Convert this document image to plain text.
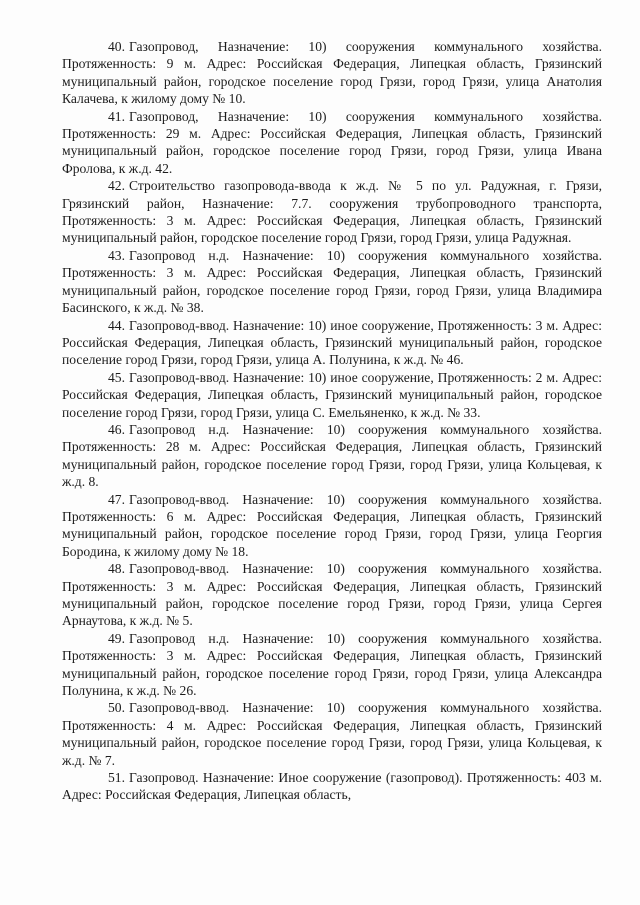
40. Газопровод, Назначение: 10) сооружения коммунального хозяйства. Протяженность: 9 м. Адрес: Российская Федерация, Липецкая область, Грязинский муниципальный район, городское поселение город Грязи, город Грязи, улица Анатолия Калачева, к жилому дому № 10.

41. Газопровод, Назначение: 10) сооружения коммунального хозяйства. Протяженность: 29 м. Адрес: Российская Федерация, Липецкая область, Грязинский муниципальный район, городское поселение город Грязи, город Грязи, улица Ивана Фролова, к ж.д. 42.

42. Строительство газопровода-ввода к ж.д. № 5 по ул. Радужная, г. Грязи, Грязинский район, Назначение: 7.7. сооружения трубопроводного транспорта, Протяженность: 3 м. Адрес: Российская Федерация, Липецкая область, Грязинский муниципальный район, городское поселение город Грязи, город Грязи, улица Радужная.

43. Газопровод н.д. Назначение: 10) сооружения коммунального хозяйства. Протяженность: 3 м. Адрес: Российская Федерация, Липецкая область, Грязинский муниципальный район, городское поселение город Грязи, город Грязи, улица Владимира Басинского, к ж.д. № 38.

44. Газопровод-ввод. Назначение: 10) иное сооружение, Протяженность: 3 м. Адрес: Российская Федерация, Липецкая область, Грязинский муниципальный район, городское поселение город Грязи, город Грязи, улица А. Полунина, к ж.д. № 46.

45. Газопровод-ввод. Назначение: 10) иное сооружение, Протяженность: 2 м. Адрес: Российская Федерация, Липецкая область, Грязинский муниципальный район, городское поселение город Грязи, город Грязи, улица С. Емельяненко, к ж.д. № 33.

46. Газопровод н.д. Назначение: 10) сооружения коммунального хозяйства. Протяженность: 28 м. Адрес: Российская Федерация, Липецкая область, Грязинский муниципальный район, городское поселение город Грязи, город Грязи, улица Кольцевая, к ж.д. 8.

47. Газопровод-ввод. Назначение: 10) сооружения коммунального хозяйства. Протяженность: 6 м. Адрес: Российская Федерация, Липецкая область, Грязинский муниципальный район, городское поселение город Грязи, город Грязи, улица Георгия Бородина, к жилому дому № 18.

48. Газопровод-ввод. Назначение: 10) сооружения коммунального хозяйства. Протяженность: 3 м. Адрес: Российская Федерация, Липецкая область, Грязинский муниципальный район, городское поселение город Грязи, город Грязи, улица Сергея Арнаутова, к ж.д. № 5.

49. Газопровод н.д. Назначение: 10) сооружения коммунального хозяйства. Протяженность: 3 м. Адрес: Российская Федерация, Липецкая область, Грязинский муниципальный район, городское поселение город Грязи, город Грязи, улица Александра Полунина, к ж.д. № 26.

50. Газопровод-ввод. Назначение: 10) сооружения коммунального хозяйства. Протяженность: 4 м. Адрес: Российская Федерация, Липецкая область, Грязинский муниципальный район, городское поселение город Грязи, город Грязи, улица Кольцевая, к ж.д. № 7.

51. Газопровод. Назначение: Иное сооружение (газопровод). Протяженность: 403 м. Адрес: Российская Федерация, Липецкая область,
